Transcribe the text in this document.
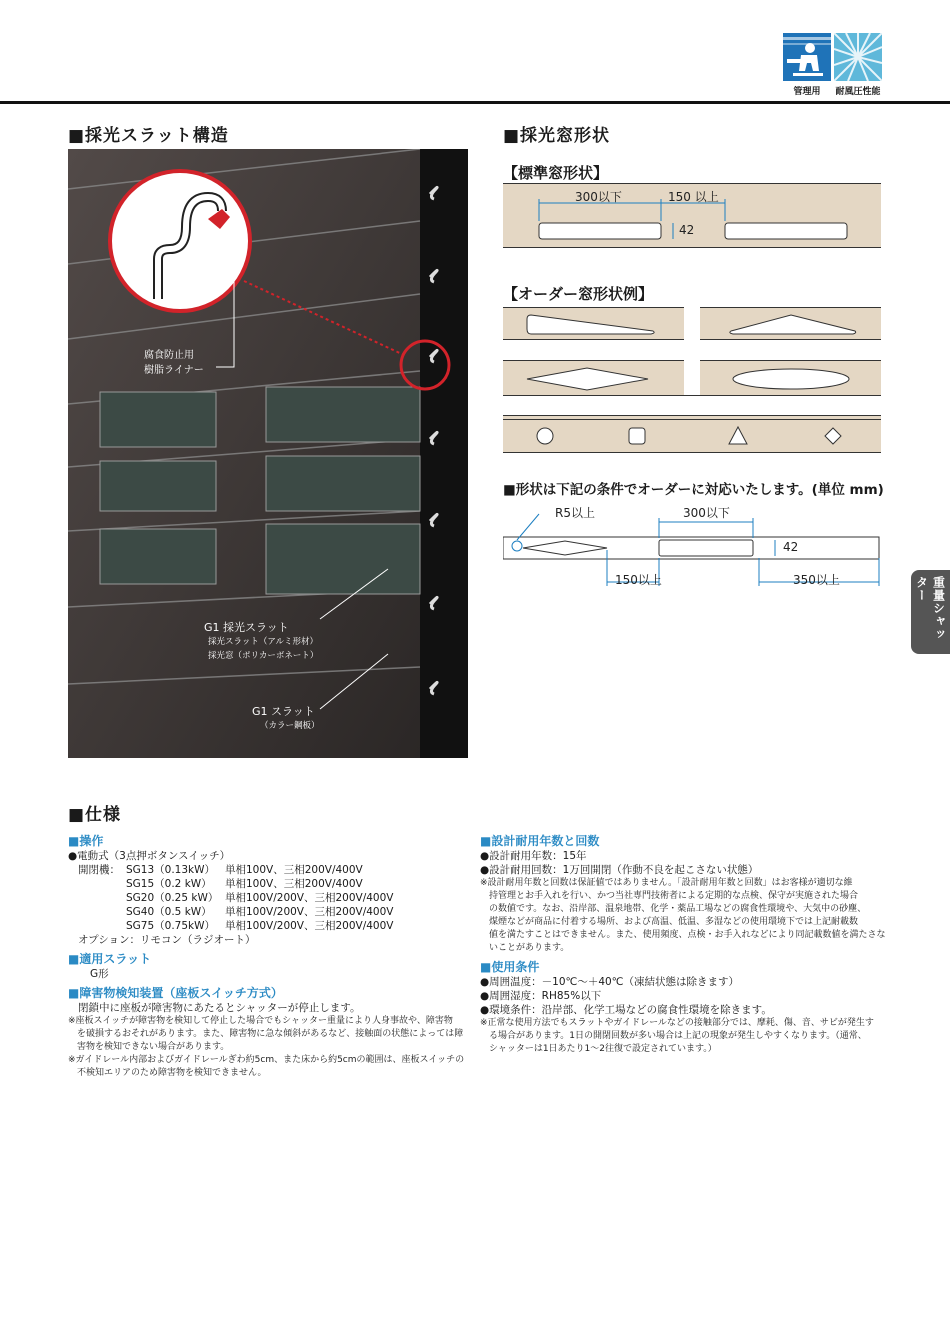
管理用	耐風圧性能
重量シャッター
■採光スラット構造
腐食防止用
樹脂ライナー
G1 採光スラット
採光スラット（アルミ形材）
採光窓（ポリカーボネート）
G1 スラット
（カラー鋼板）
■採光窓形状
【標準窓形状】
300以下	150 以上
42
【オーダー窓形状例】
■形状は下記の条件でオーダーに対応いたします。(単位 mm)
R5以上	300以下
42
150以上	350以上
■仕様
■操作
●電動式（3点押ボタンスイッチ）
開閉機： SG13（0.13kW） 単相100V、三相200V/400V
SG15（0.2 kW） 単相100V、三相200V/400V
SG20（0.25 kW） 単相100V/200V、三相200V/400V
SG40（0.5 kW） 単相100V/200V、三相200V/400V
SG75（0.75kW） 単相100V/200V、三相200V/400V
オプション：リモコン（ラジオート）
■適用スラット
G形
■障害物検知装置（座板スイッチ方式）
閉鎖中に座板が障害物にあたるとシャッターが停止します。
※座板スイッチが障害物を検知して停止した場合でもシャッター重量により人身事故や、障害物
　を破損するおそれがあります。また、障害物に急な傾斜があるなど、接触面の状態によっては障
　害物を検知できない場合があります。
※ガイドレール内部およびガイドレールぎわ約5cm、また床から約5cmの範囲は、座板スイッチの
　不検知エリアのため障害物を検知できません。
■設計耐用年数と回数
●設計耐用年数：15年
●設計耐用回数：1万回開閉（作動不良を起こさない状態）
※設計耐用年数と回数は保証値ではありません。「設計耐用年数と回数」はお客様が適切な維
　持管理とお手入れを行い、かつ当社専門技術者による定期的な点検、保守が実施された場合
　の数値です。なお、沿岸部、温泉地帯、化学・薬品工場などの腐食性環境や、大気中の砂塵、
　煤煙などが商品に付着する場所、および高温、低温、多湿などの使用環境下では上記耐載数
　値を満たすことはできません。また、使用頻度、点検・お手入れなどにより同記載数値を満たさな
　いことがあります。
■使用条件
●周囲温度：－10℃～＋40℃（凍結状態は除きます）
●周囲湿度：RH85%以下
●環境条件：沿岸部、化学工場などの腐食性環境を除きます。
※正常な使用方法でもスラットやガイドレールなどの接触部分では、摩耗、傷、音、サビが発生す
　る場合があります。1日の開閉回数が多い場合は上記の現象が発生しやすくなります。（通常、
　シャッターは1日あたり1～2往復で設定されています。）
